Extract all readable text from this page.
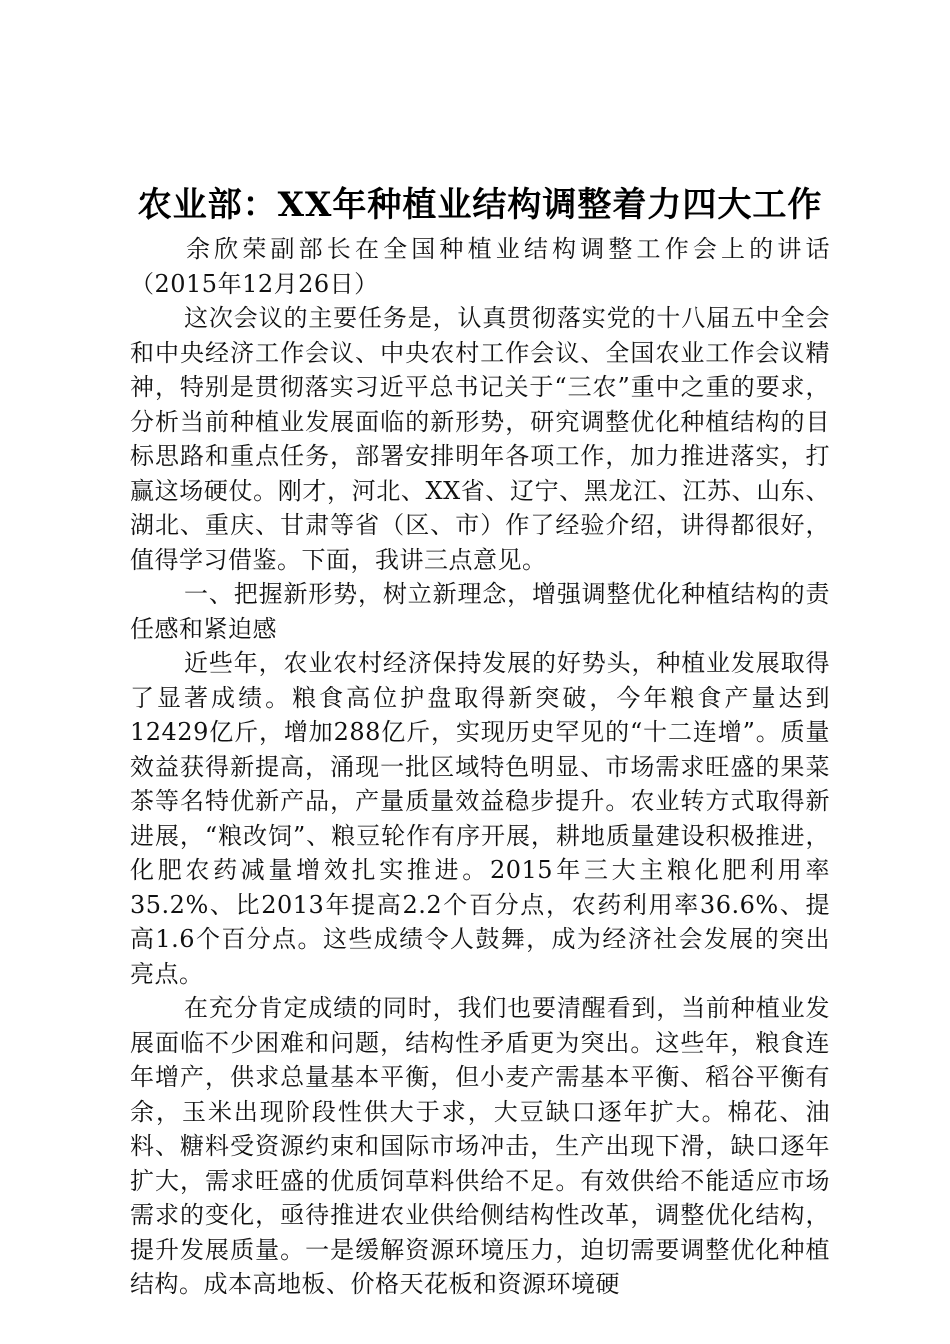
农业部：XX年种植业结构调整着力四大工作

余欣荣副部长在全国种植业结构调整工作会上的讲话（2015年12月26日）

这次会议的主要任务是，认真贯彻落实党的十八届五中全会和中央经济工作会议、中央农村工作会议、全国农业工作会议精神，特别是贯彻落实习近平总书记关于“三农”重中之重的要求，分析当前种植业发展面临的新形势，研究调整优化种植结构的目标思路和重点任务，部署安排明年各项工作，加力推进落实，打赢这场硬仗。刚才，河北、XX省、辽宁、黑龙江、江苏、山东、湖北、重庆、甘肃等省（区、市）作了经验介绍，讲得都很好，值得学习借鉴。下面，我讲三点意见。

一、把握新形势，树立新理念，增强调整优化种植结构的责任感和紧迫感

近些年，农业农村经济保持发展的好势头，种植业发展取得了显著成绩。粮食高位护盘取得新突破，今年粮食产量达到12429亿斤，增加288亿斤，实现历史罕见的“十二连增”。质量效益获得新提高，涌现一批区域特色明显、市场需求旺盛的果菜茶等名特优新产品，产量质量效益稳步提升。农业转方式取得新进展，“粮改饲”、粮豆轮作有序开展，耕地质量建设积极推进，化肥农药减量增效扎实推进。2015年三大主粮化肥利用率35.2%、比2013年提高2.2个百分点，农药利用率36.6%、提高1.6个百分点。这些成绩令人鼓舞，成为经济社会发展的突出亮点。

在充分肯定成绩的同时，我们也要清醒看到，当前种植业发展面临不少困难和问题，结构性矛盾更为突出。这些年，粮食连年增产，供求总量基本平衡，但小麦产需基本平衡、稻谷平衡有余，玉米出现阶段性供大于求，大豆缺口逐年扩大。棉花、油料、糖料受资源约束和国际市场冲击，生产出现下滑，缺口逐年扩大，需求旺盛的优质饲草料供给不足。有效供给不能适应市场需求的变化，亟待推进农业供给侧结构性改革，调整优化结构，提升发展质量。一是缓解资源环境压力，迫切需要调整优化种植结构。成本高地板、价格天花板和资源环境硬
